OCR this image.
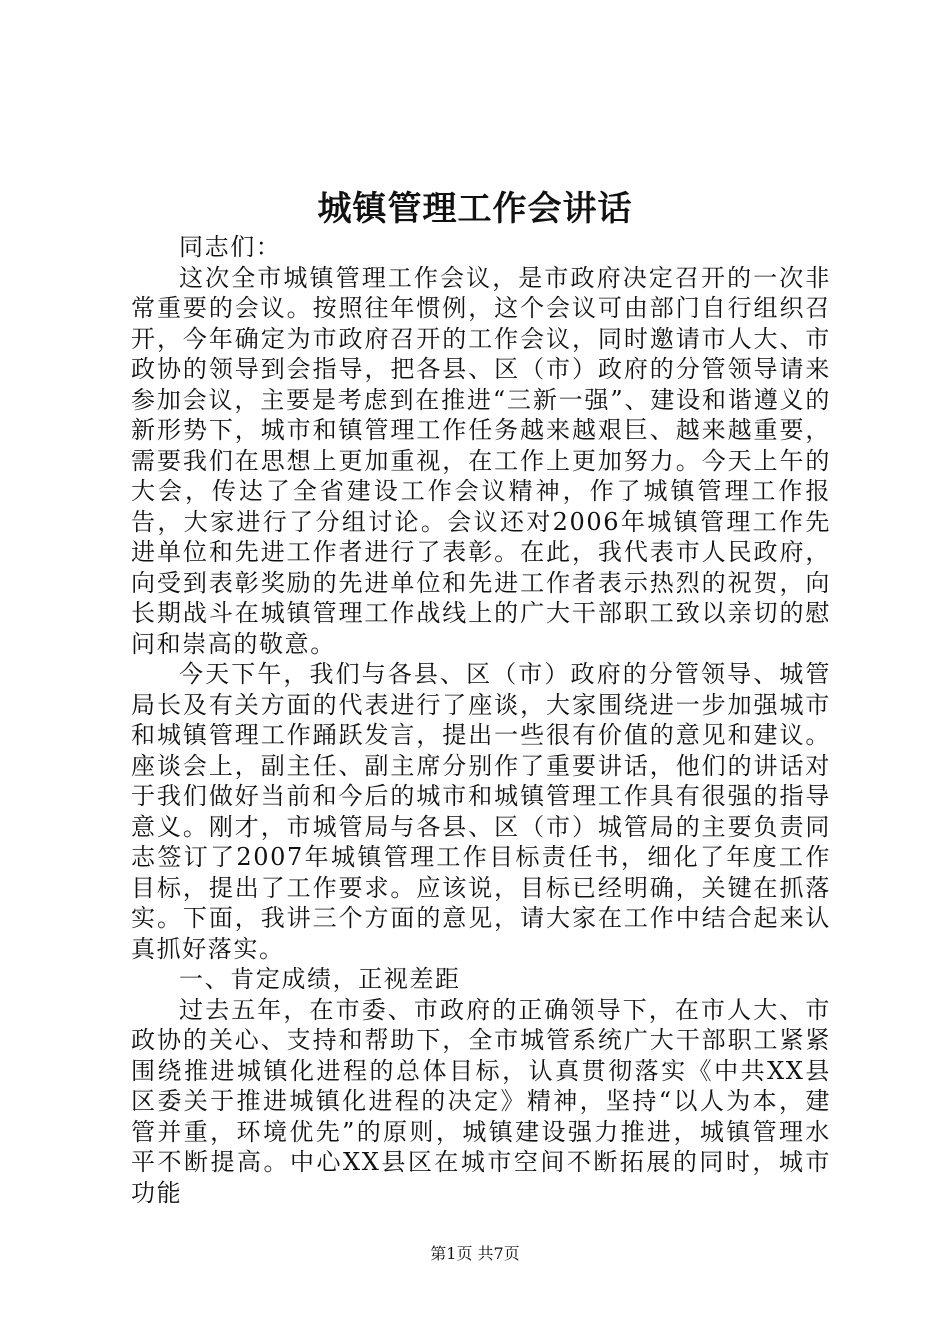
城镇管理工作会讲话

同志们：

这次全市城镇管理工作会议，是市政府决定召开的一次非常重要的会议。按照往年惯例，这个会议可由部门自行组织召开，今年确定为市政府召开的工作会议，同时邀请市人大、市政协的领导到会指导，把各县、区（市）政府的分管领导请来参加会议，主要是考虑到在推进“三新一强”、建设和谐遵义的新形势下，城市和镇管理工作任务越来越艰巨、越来越重要，需要我们在思想上更加重视，在工作上更加努力。今天上午的大会，传达了全省建设工作会议精神，作了城镇管理工作报告，大家进行了分组讨论。会议还对2006年城镇管理工作先进单位和先进工作者进行了表彰。在此，我代表市人民政府，向受到表彰奖励的先进单位和先进工作者表示热烈的祝贺，向长期战斗在城镇管理工作战线上的广大干部职工致以亲切的慰问和崇高的敬意。

今天下午，我们与各县、区（市）政府的分管领导、城管局长及有关方面的代表进行了座谈，大家围绕进一步加强城市和城镇管理工作踊跃发言，提出一些很有价值的意见和建议。座谈会上，副主任、副主席分别作了重要讲话，他们的讲话对于我们做好当前和今后的城市和城镇管理工作具有很强的指导意义。刚才，市城管局与各县、区（市）城管局的主要负责同志签订了2007年城镇管理工作目标责任书，细化了年度工作目标，提出了工作要求。应该说，目标已经明确，关键在抓落实。下面，我讲三个方面的意见，请大家在工作中结合起来认真抓好落实。

一、肯定成绩，正视差距

过去五年，在市委、市政府的正确领导下，在市人大、市政协的关心、支持和帮助下，全市城管系统广大干部职工紧紧围绕推进城镇化进程的总体目标，认真贯彻落实《中共XX县区委关于推进城镇化进程的决定》精神，坚持“以人为本，建管并重，环境优先”的原则，城镇建设强力推进，城镇管理水平不断提高。中心XX县区在城市空间不断拓展的同时，城市功能

第1页 共7页
